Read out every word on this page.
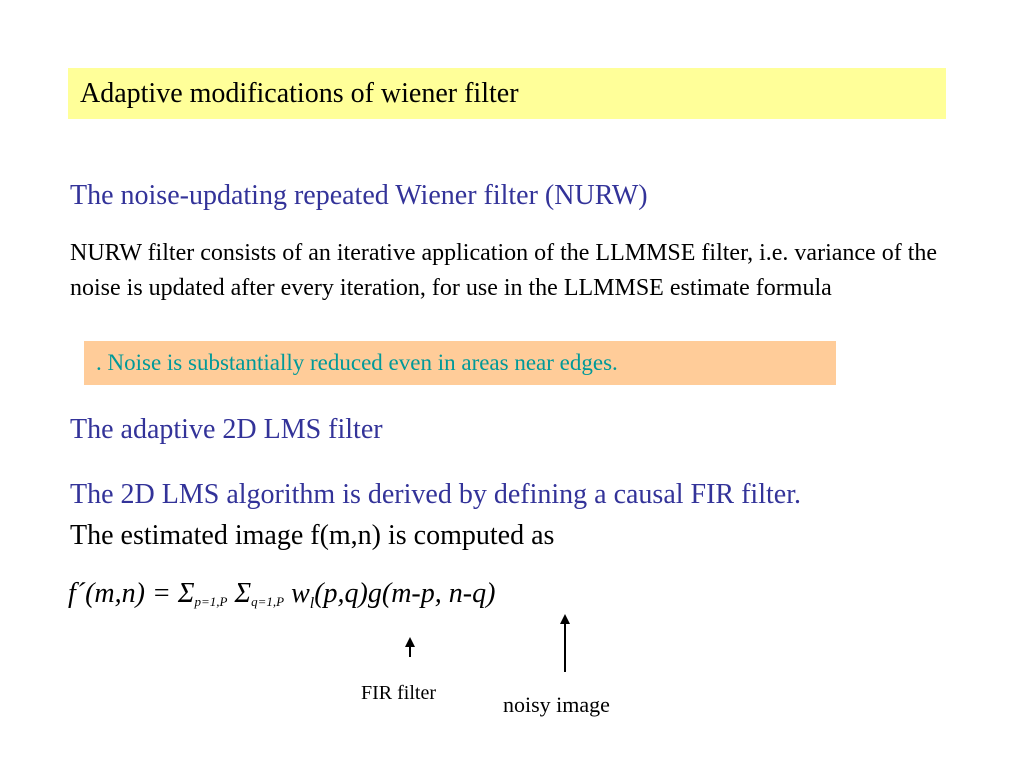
Adaptive modifications of wiener filter

The noise-updating repeated Wiener filter (NURW)

NURW filter consists of an iterative application of the LLMMSE filter, i.e. variance of the noise is updated after every iteration, for use in the LLMMSE estimate formula

. Noise is substantially reduced even in areas near edges.

The adaptive 2D LMS filter

The 2D LMS algorithm is derived by defining a causal FIR filter.
The estimated image f(m,n) is computed as

f´(m,n) = $\Sigma_{p=1,P}$ $\Sigma_{q=1,P}$ $w_l(p,q)g(m-p$, n-q)

FIR filter	noisy image
